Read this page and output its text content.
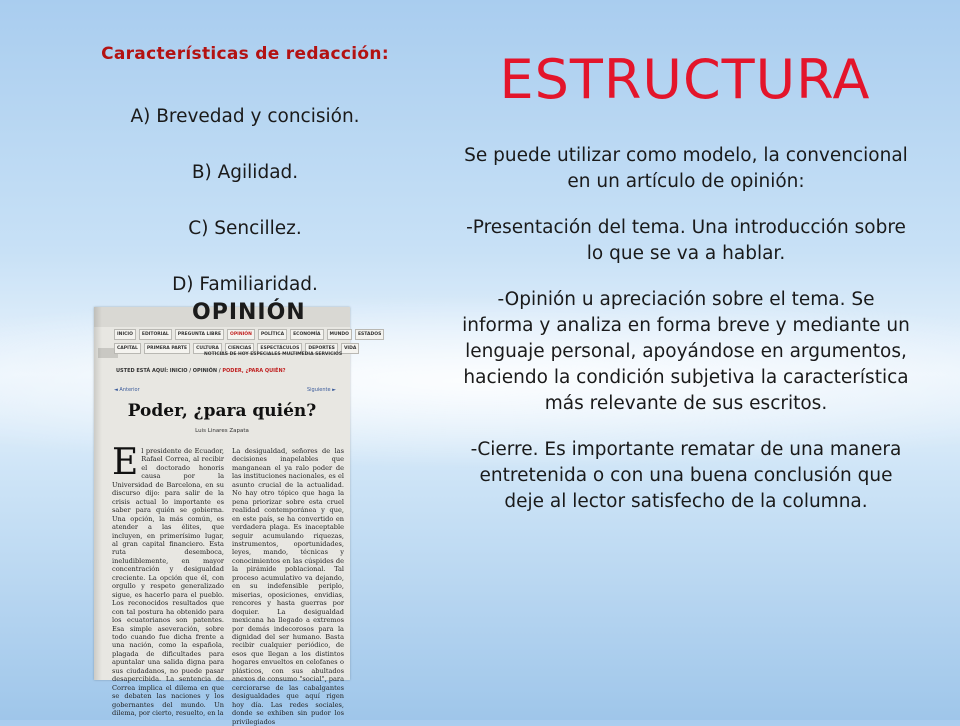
Características de redacción:
A) Brevedad y concisión.
B) Agilidad.
C) Sencillez.
D) Familiaridad.
ESTRUCTURA

Se puede utilizar como modelo, la convencional en un artículo de opinión:

-Presentación del tema. Una introducción sobre lo que se va a hablar.

-Opinión u apreciación sobre el tema. Se informa y analiza en forma breve y mediante un lenguaje personal, apoyándose en argumentos, haciendo la condición subjetiva la característica más relevante de sus escritos.

-Cierre. Es importante rematar de una manera entretenida o con una buena conclusión que deje al lector satisfecho de la columna.

OPINIÓN
INICIO	EDITORIAL	PREGUNTA LIBRE	OPINIÓN	POLÍTICA	ECONOMÍA	MUNDO	ESTADOS
CAPITAL	PRIMERA PARTE	CULTURA	CIENCIAS	ESPECTÁCULOS	DEPORTES	VIDA
NOTICIAS DE HOY ESPECIALES MULTIMEDIA SERVICIOS
USTED ESTÁ AQUÍ: INICIO / OPINIÓN / PODER, ¿PARA QUIÉN?
◄ Anterior	Siguiente ►
Poder, ¿para quién?
Luis Linares Zapata
El presidente de Ecuador, Rafael Correa, al recibir el doctorado honoris causa por la Universidad de Barcelona, en su discurso dijo: para salir de la crisis actual lo importante es saber para quién se gobierna. Una opción, la más común, es atender a las élites, que incluyen, en primerísimo lugar, al gran capital financiero. Esta ruta desemboca, ineludiblemente, en mayor concentración y desigualdad creciente. La opción que él, con orgullo y respeto generalizado sigue, es hacerlo para el pueblo. Los reconocidos resultados que con tal postura ha obtenido para los ecuatorianos son patentes. Esa simple aseveración, sobre todo cuando fue dicha frente a una nación, como la española, plagada de dificultades para apuntalar una salida digna para sus ciudadanos, no puede pasar desapercibida. La sentencia de Correa implica el dilema en que se debaten las naciones y los gobernantes del mundo. Un dilema, por cierto, resuelto, en la
La desigualdad, señores de las decisiones inapelables que manganean el ya ralo poder de las instituciones nacionales, es el asunto crucial de la actualidad. No hay otro tópico que haga la pena priorizar sobre esta cruel realidad contemporánea y que, en este país, se ha convertido en verdadera plaga. Es inaceptable seguir acumulando riquezas, instrumentos, oportunidades, leyes, mando, técnicas y conocimientos en las cúspides de la pirámide poblacional. Tal proceso acumulativo va dejando, en su indefensible periplo, miserias, oposiciones, envidias, rencores y hasta guerras por doquier. La desigualdad mexicana ha llegado a extremos por demás indecorosos para la dignidad del ser humano. Basta recibir cualquier periódico, de esos que llegan a los distintos hogares envueltos en celofanes o plásticos, con sus abultados anexos de consumo "social", para cerciorarse de las cabalgantes desigualdades que aquí rigen hoy día. Las redes sociales, donde se exhiben sin pudor los privilegiados
